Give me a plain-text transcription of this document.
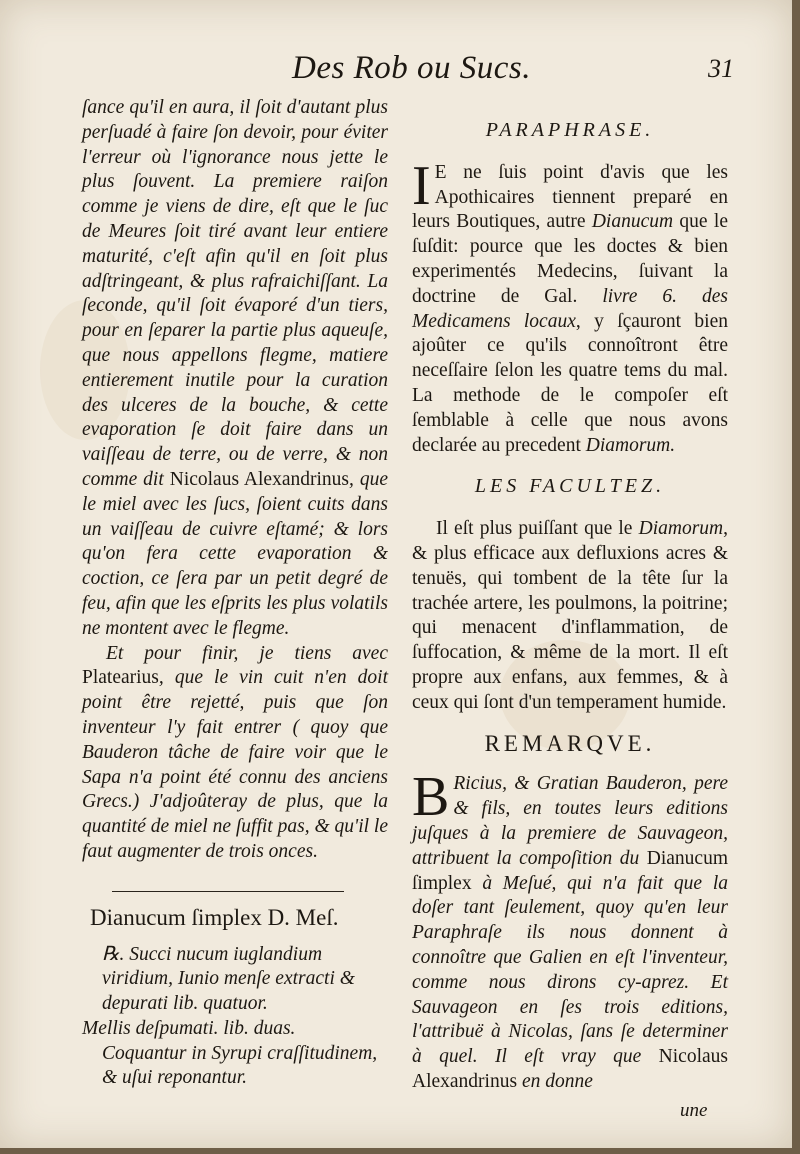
Des Rob ou Sucs.	31

ſance qu'il en aura, il ſoit d'autant plus perſuadé à faire ſon devoir, pour éviter l'erreur où l'ignorance nous jette le plus ſouvent. La premiere raiſon comme je viens de dire, eſt que le ſuc de Meures ſoit tiré avant leur entiere maturité, c'eſt afin qu'il en ſoit plus adſtringeant, & plus rafraichiſſant. La ſeconde, qu'il ſoit évaporé d'un tiers, pour en ſeparer la partie plus aqueuſe, que nous appellons flegme, matiere entierement inutile pour la curation des ulceres de la bouche, & cette evaporation ſe doit faire dans un vaiſſeau de terre, ou de verre, & non comme dit Nicolaus Alexandrinus, que le miel avec les ſucs, ſoient cuits dans un vaiſſeau de cuivre eſtamé; & lors qu'on fera cette evaporation & coction, ce ſera par un petit degré de feu, afin que les eſprits les plus volatils ne montent avec le flegme.

Et pour finir, je tiens avec Platearius, que le vin cuit n'en doit point être rejetté, puis que ſon inventeur l'y fait entrer ( quoy que Bauderon tâche de faire voir que le Sapa n'a point été connu des anciens Grecs.) J'adjoûteray de plus, que la quantité de miel ne ſuffit pas, & qu'il le faut augmenter de trois onces.

Dianucum ſimplex D. Meſ.

℞. Succi nucum iuglandium viridium, Iunio menſe extracti & depurati lib. quatuor.

Mellis deſpumati. lib. duas.

Coquantur in Syrupi craſſitudinem, & uſui reponantur.

PARAPHRASE.

I E ne ſuis point d'avis que les Apothicaires tiennent preparé en leurs Boutiques, autre Dianucum que le ſuſdit: pource que les doctes & bien experimentés Medecins, ſuivant la doctrine de Gal. livre 6. des Medicamens locaux, y ſçauront bien ajoûter ce qu'ils connoîtront être neceſſaire ſelon les quatre tems du mal. La methode de le compoſer eſt ſemblable à celle que nous avons declarée au precedent Diamorum.

LES FACULTEZ.

Il eſt plus puiſſant que le Diamorum, & plus efficace aux defluxions acres & tenuës, qui tombent de la tête ſur la trachée artere, les poulmons, la poitrine; qui menacent d'inflammation, de ſuffocation, & même de la mort. Il eſt propre aux enfans, aux femmes, & à ceux qui ſont d'un temperament humide.

REMARQVE.

B Ricius, & Gratian Bauderon, pere & fils, en toutes leurs editions juſques à la premiere de Sauvageon, attribuent la compoſition du Dianucum ſimplex à Meſué, qui n'a fait que la doſer tant ſeulement, quoy qu'en leur Paraphraſe ils nous donnent à connoître que Galien en eſt l'inventeur, comme nous dirons cy-aprez. Et Sauvageon en ſes trois editions, l'attribuë à Nicolas, ſans ſe determiner à quel. Il eſt vray que Nicolaus Alexandrinus en donne

une
